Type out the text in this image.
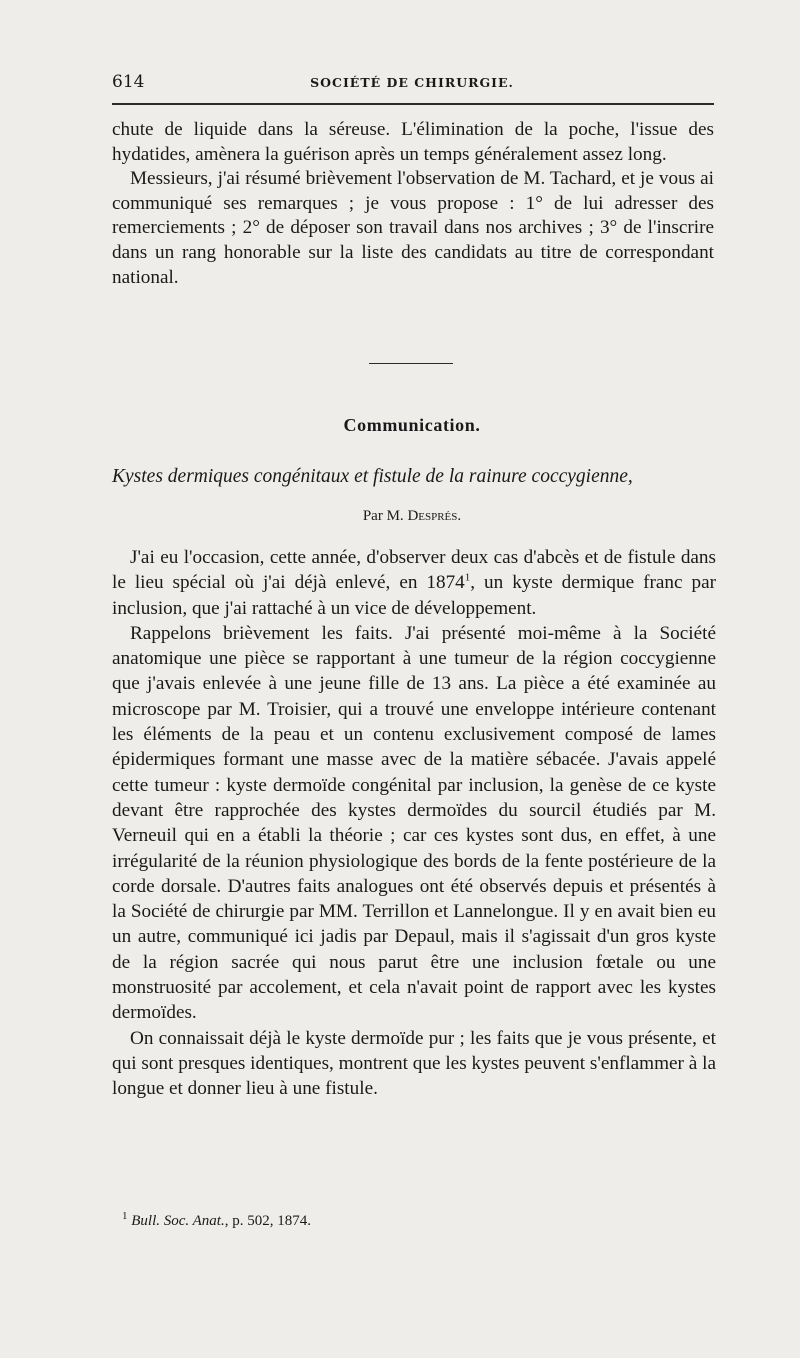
614	SOCIÉTÉ DE CHIRURGIE.

chute de liquide dans la séreuse. L'élimination de la poche, l'issue des hydatides, amènera la guérison après un temps généralement assez long.

Messieurs, j'ai résumé brièvement l'observation de M. Tachard, et je vous ai communiqué ses remarques ; je vous propose : 1° de lui adresser des remerciements ; 2° de déposer son travail dans nos archives ; 3° de l'inscrire dans un rang honorable sur la liste des candidats au titre de correspondant national.

Communication.
Kystes dermiques congénitaux et fistule de la rainure coccygienne,
Par M. Després.

J'ai eu l'occasion, cette année, d'observer deux cas d'abcès et de fistule dans le lieu spécial où j'ai déjà enlevé, en 1874$^1$, un kyste dermique franc par inclusion, que j'ai rattaché à un vice de développement.

Rappelons brièvement les faits. J'ai présenté moi-même à la Société anatomique une pièce se rapportant à une tumeur de la région coccygienne que j'avais enlevée à une jeune fille de 13 ans. La pièce a été examinée au microscope par M. Troisier, qui a trouvé une enveloppe intérieure contenant les éléments de la peau et un contenu exclusivement composé de lames épidermiques formant une masse avec de la matière sébacée. J'avais appelé cette tumeur : kyste dermoïde congénital par inclusion, la genèse de ce kyste devant être rapprochée des kystes dermoïdes du sourcil étudiés par M. Verneuil qui en a établi la théorie ; car ces kystes sont dus, en effet, à une irrégularité de la réunion physiologique des bords de la fente postérieure de la corde dorsale. D'autres faits analogues ont été observés depuis et présentés à la Société de chirurgie par MM. Terrillon et Lannelongue. Il y en avait bien eu un autre, communiqué ici jadis par Depaul, mais il s'agissait d'un gros kyste de la région sacrée qui nous parut être une inclusion fœtale ou une monstruosité par accolement, et cela n'avait point de rapport avec les kystes dermoïdes.

On connaissait déjà le kyste dermoïde pur ; les faits que je vous présente, et qui sont presques identiques, montrent que les kystes peuvent s'enflammer à la longue et donner lieu à une fistule.

$^1$ Bull. Soc. Anat., p. 502, 1874.
